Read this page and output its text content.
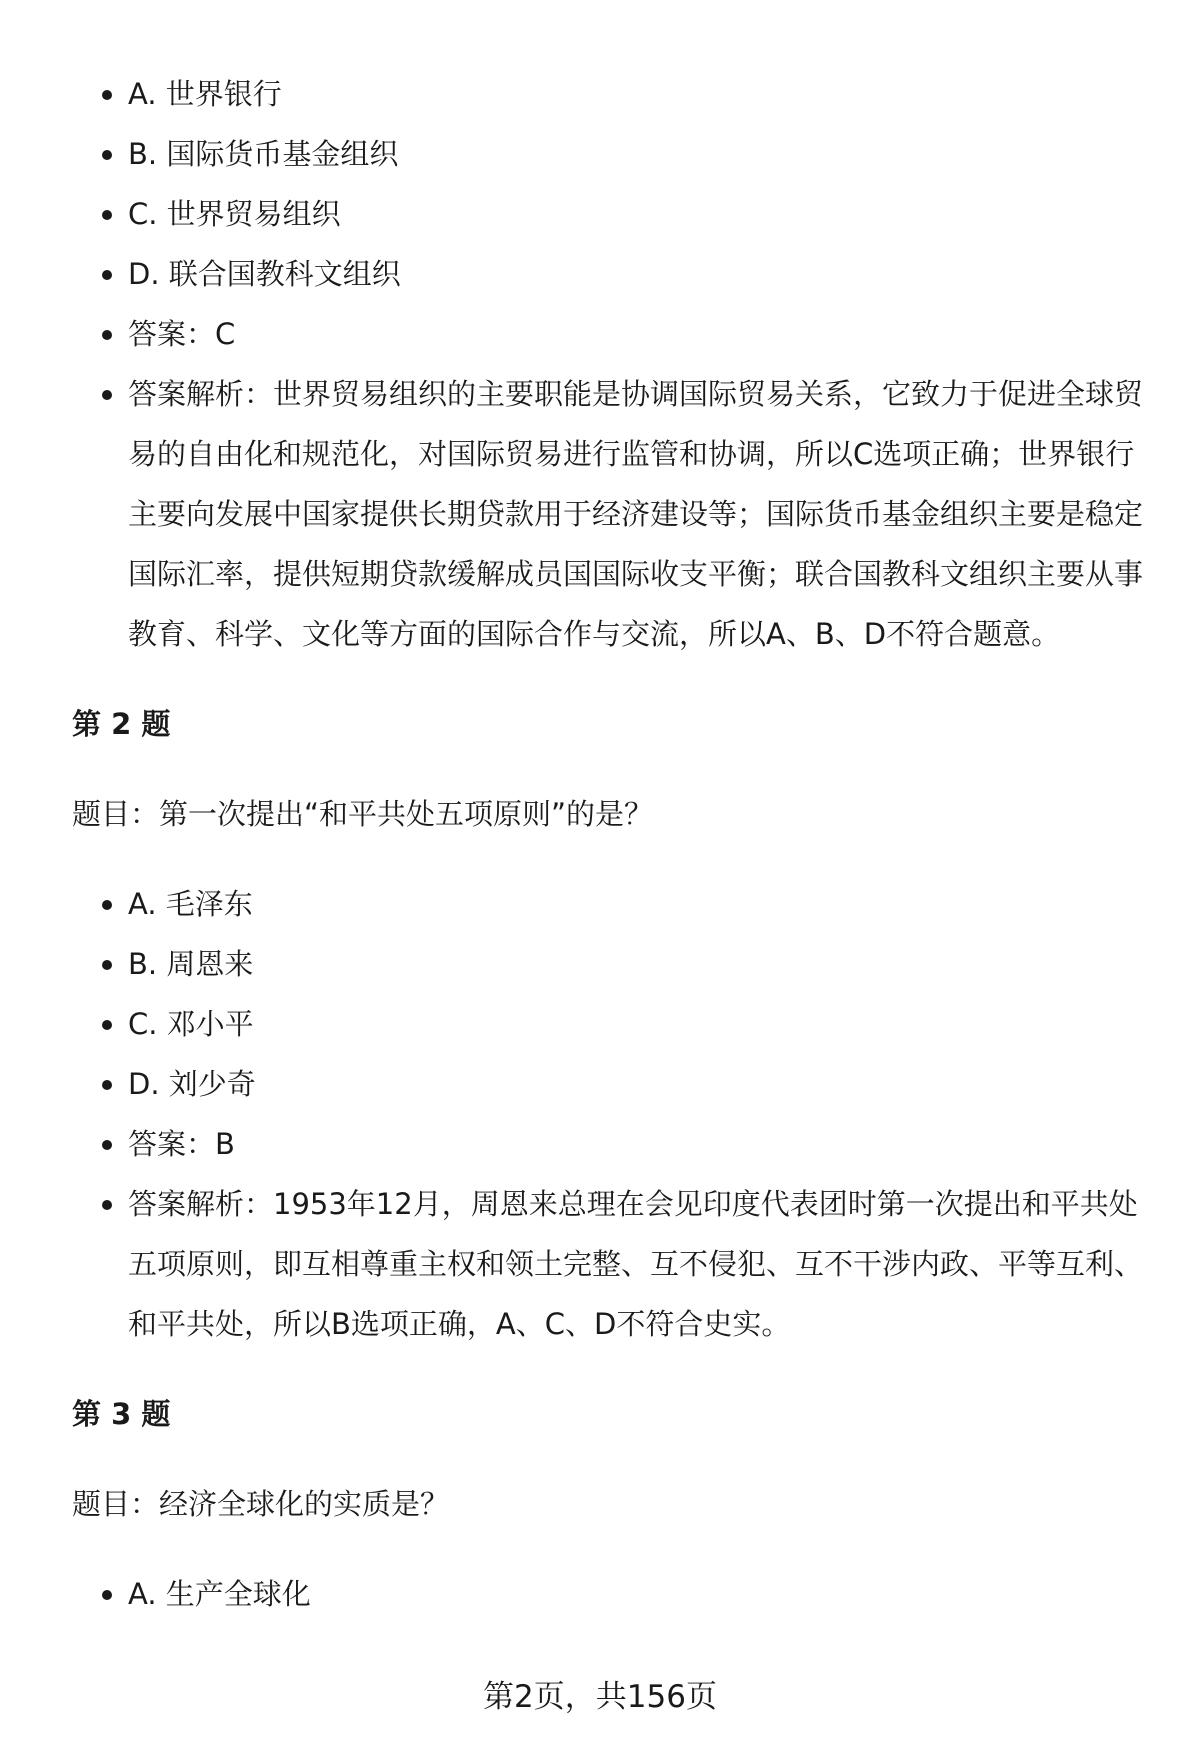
A. 世界银行
B. 国际货币基金组织
C. 世界贸易组织
D. 联合国教科文组织
答案：C
答案解析：世界贸易组织的主要职能是协调国际贸易关系，它致力于促进全球贸易的自由化和规范化，对国际贸易进行监管和协调，所以C选项正确；世界银行主要向发展中国家提供长期贷款用于经济建设等；国际货币基金组织主要是稳定国际汇率，提供短期贷款缓解成员国国际收支平衡；联合国教科文组织主要从事教育、科学、文化等方面的国际合作与交流，所以A、B、D不符合题意。
第 2 题

题目：第一次提出“和平共处五项原则”的是？

A. 毛泽东
B. 周恩来
C. 邓小平
D. 刘少奇
答案：B
答案解析：1953年12月，周恩来总理在会见印度代表团时第一次提出和平共处五项原则，即互相尊重主权和领土完整、互不侵犯、互不干涉内政、平等互利、和平共处，所以B选项正确，A、C、D不符合史实。
第 3 题

题目：经济全球化的实质是？

A. 生产全球化
第2页，共156页
